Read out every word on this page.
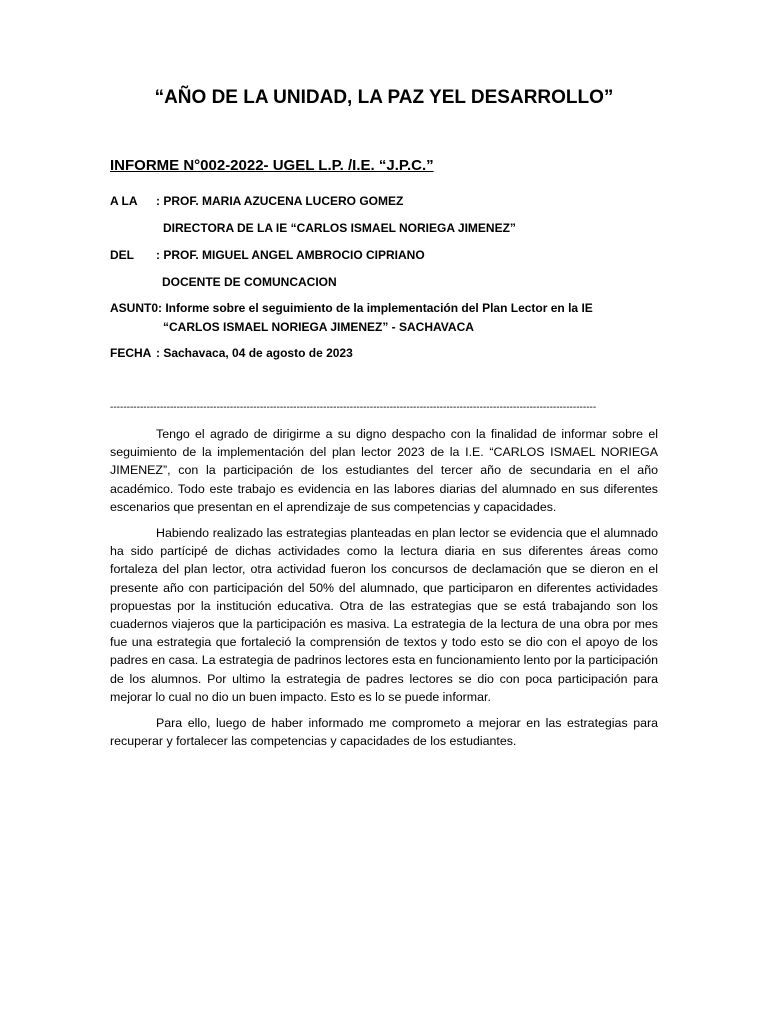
“AÑO DE LA UNIDAD, LA PAZ YEL DESARROLLO”
INFORME N°002-2022- UGEL L.P. /I.E. “J.P.C.”
A LA : PROF. MARIA AZUCENA LUCERO GOMEZ
DIRECTORA DE LA IE “CARLOS ISMAEL NORIEGA JIMENEZ”
DEL : PROF. MIGUEL ANGEL AMBROCIO CIPRIANO
DOCENTE DE COMUNCACION
ASUNT0: Informe sobre el seguimiento de la implementación del Plan Lector en la IE
“CARLOS ISMAEL NORIEGA JIMENEZ” - SACHAVACA
FECHA : Sachavaca, 04 de agosto de 2023
--------------------------------------------------------------------------------------------------------------------------------------------------

Tengo el agrado de dirigirme a su digno despacho con la finalidad de informar sobre el seguimiento de la implementación del plan lector 2023 de la I.E. “CARLOS ISMAEL NORIEGA JIMENEZ”, con la participación de los estudiantes del tercer año de secundaria en el año académico. Todo este trabajo es evidencia en las labores diarias del alumnado en sus diferentes escenarios que presentan en el aprendizaje de sus competencias y capacidades.

Habiendo realizado las estrategias planteadas en plan lector se evidencia que el alumnado ha sido partícipé de dichas actividades como la lectura diaria en sus diferentes áreas como fortaleza del plan lector, otra actividad fueron los concursos de declamación que se dieron en el presente año con participación del 50% del alumnado, que participaron en diferentes actividades propuestas por la institución educativa. Otra de las estrategias que se está trabajando son los cuadernos viajeros que la participación es masiva. La estrategia de la lectura de una obra por mes fue una estrategia que fortaleció la comprensión de textos y todo esto se dio con el apoyo de los padres en casa. La estrategia de padrinos lectores esta en funcionamiento lento por la participación de los alumnos. Por ultimo la estrategia de padres lectores se dio con poca participación para mejorar lo cual no dio un buen impacto. Esto es lo se puede informar.

Para ello, luego de haber informado me comprometo a mejorar en las estrategias para recuperar y fortalecer las competencias y capacidades de los estudiantes.
